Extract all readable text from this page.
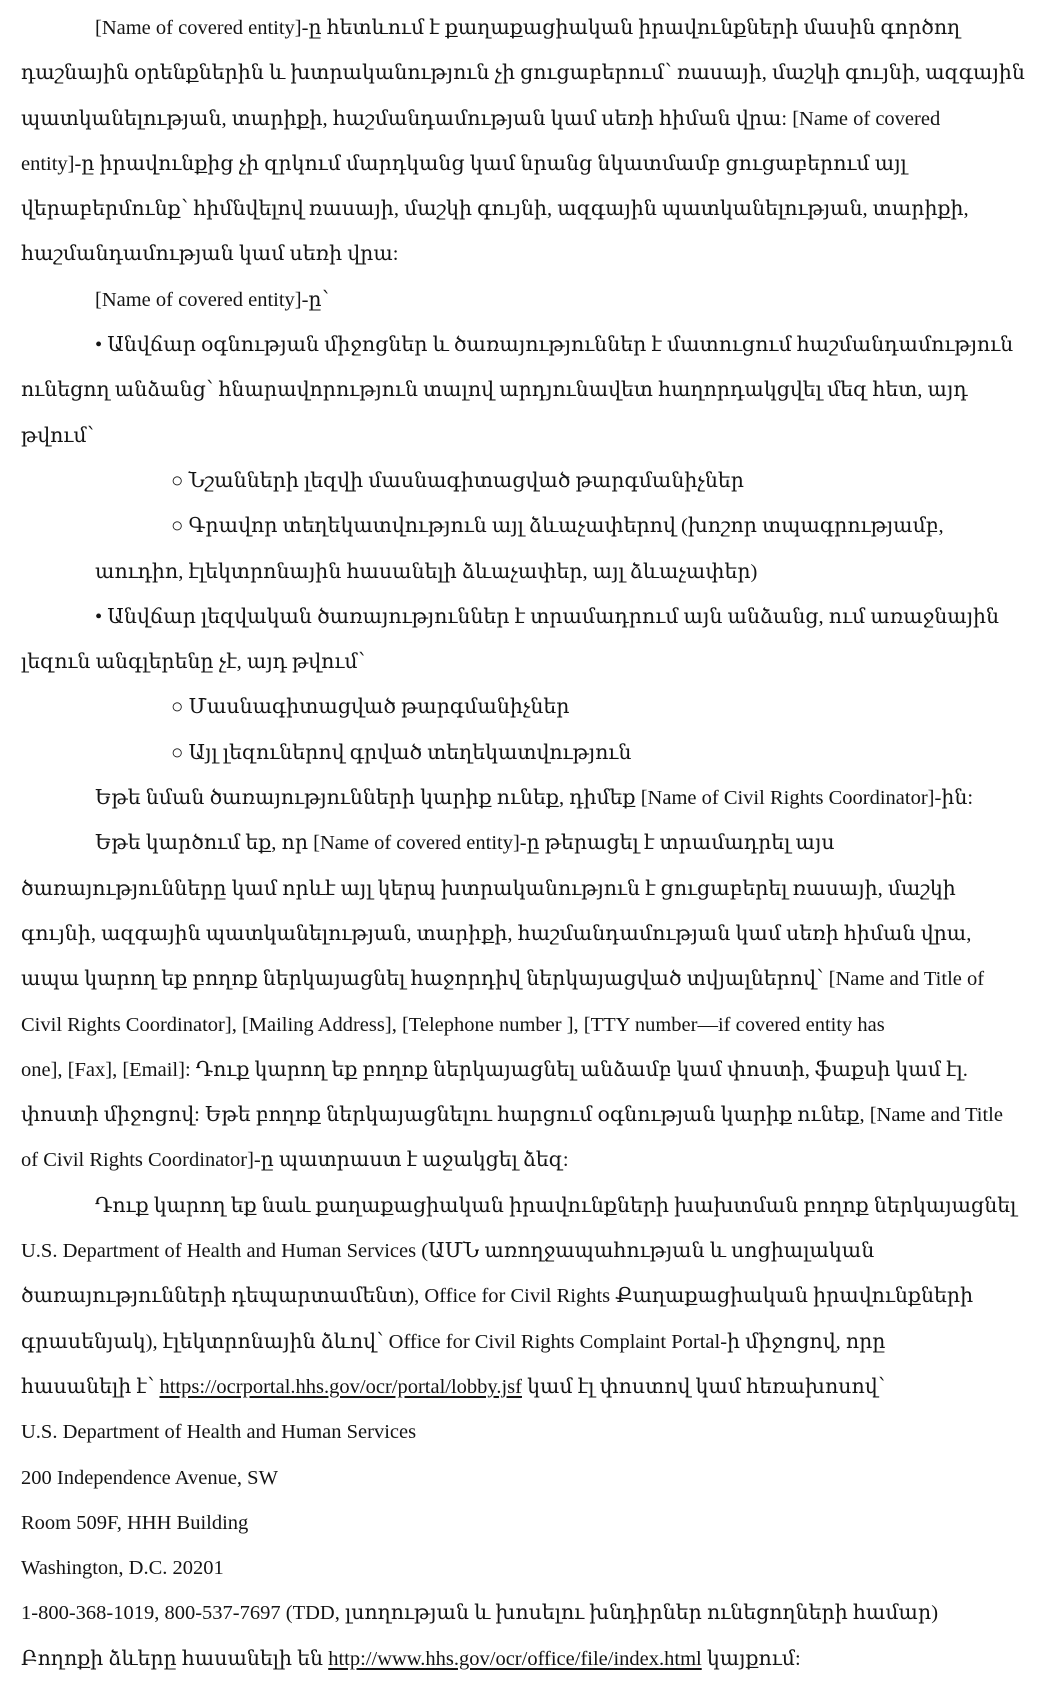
[Name of covered entity]-ը հետևում է քաղաքացիական իրավունքների մասին գործող
դաշնային օրենքներին և խտրականություն չի ցուցաբերում՝ ռասայի, մաշկի գույնի, ազգային
պատկանելության, տարիքի, հաշմանդամության կամ սեռի հիման վրա: [Name of covered
entity]-ը իրավունքից չի զրկում մարդկանց կամ նրանց նկատմամբ ցուցաբերում այլ
վերաբերմունք՝ հիմնվելով ռասայի, մաշկի գույնի, ազգային պատկանելության, տարիքի,
հաշմանդամության կամ սեռի վրա:
[Name of covered entity]-ը՝
• Անվճար օգնության միջոցներ և ծառայություններ է մատուցում հաշմանդամություն
ունեցող անձանց՝ հնարավորություն տալով արդյունավետ հաղորդակցվել մեզ հետ, այդ
թվում՝
○ Նշանների լեզվի մասնագիտացված թարգմանիչներ
○ Գրավոր տեղեկատվություն այլ ձևաչափերով (խոշոր տպագրությամբ,
աուդիո, էլեկտրոնային հասանելի ձևաչափեր, այլ ձևաչափեր)
• Անվճար լեզվական ծառայություններ է տրամադրում այն անձանց, ում առաջնային
լեզուն անգլերենը չէ, այդ թվում՝
○ Մասնագիտացված թարգմանիչներ
○ Այլ լեզուներով գրված տեղեկատվություն
Եթե նման ծառայությունների կարիք ունեք, դիմեք [Name of Civil Rights Coordinator]-ին:
Եթե կարծում եք, որ [Name of covered entity]-ը թերացել է տրամադրել այս
ծառայությունները կամ որևէ այլ կերպ խտրականություն է ցուցաբերել ռասայի, մաշկի
գույնի, ազգային պատկանելության, տարիքի, հաշմանդամության կամ սեռի հիման վրա,
ապա կարող եք բողոք ներկայացնել հաջորդիվ ներկայացված տվյալներով՝ [Name and Title of
Civil Rights Coordinator], [Mailing Address], [Telephone number ], [TTY number—if covered entity has
one], [Fax], [Email]: Դուք կարող եք բողոք ներկայացնել անձամբ կամ փոստի, ֆաքսի կամ էլ.
փոստի միջոցով: Եթե բողոք ներկայացնելու հարցում օգնության կարիք ունեք, [Name and Title
of Civil Rights Coordinator]-ը պատրաստ է աջակցել ձեզ:
Դուք կարող եք նաև քաղաքացիական իրավունքների խախտման բողոք ներկայացնել
U.S. Department of Health and Human Services (ԱՄՆ առողջապահության և սոցիալական
ծառայությունների դեպարտամենտ), Office for Civil Rights Քաղաքացիական իրավունքների
գրասենյակ), էլեկտրոնային ձևով՝ Office for Civil Rights Complaint Portal-ի միջոցով, որը
հասանելի է՝ https://ocrportal.hhs.gov/ocr/portal/lobby.jsf կամ էլ փոստով կամ հեռախոսով՝
U.S. Department of Health and Human Services
200 Independence Avenue, SW
Room 509F, HHH Building
Washington, D.C. 20201
1-800-368-1019, 800-537-7697 (TDD, լսողության և խոսելու խնդիրներ ունեցողների համար)
Բողոքի ձևերը հասանելի են http://www.hhs.gov/ocr/office/file/index.html կայքում:
